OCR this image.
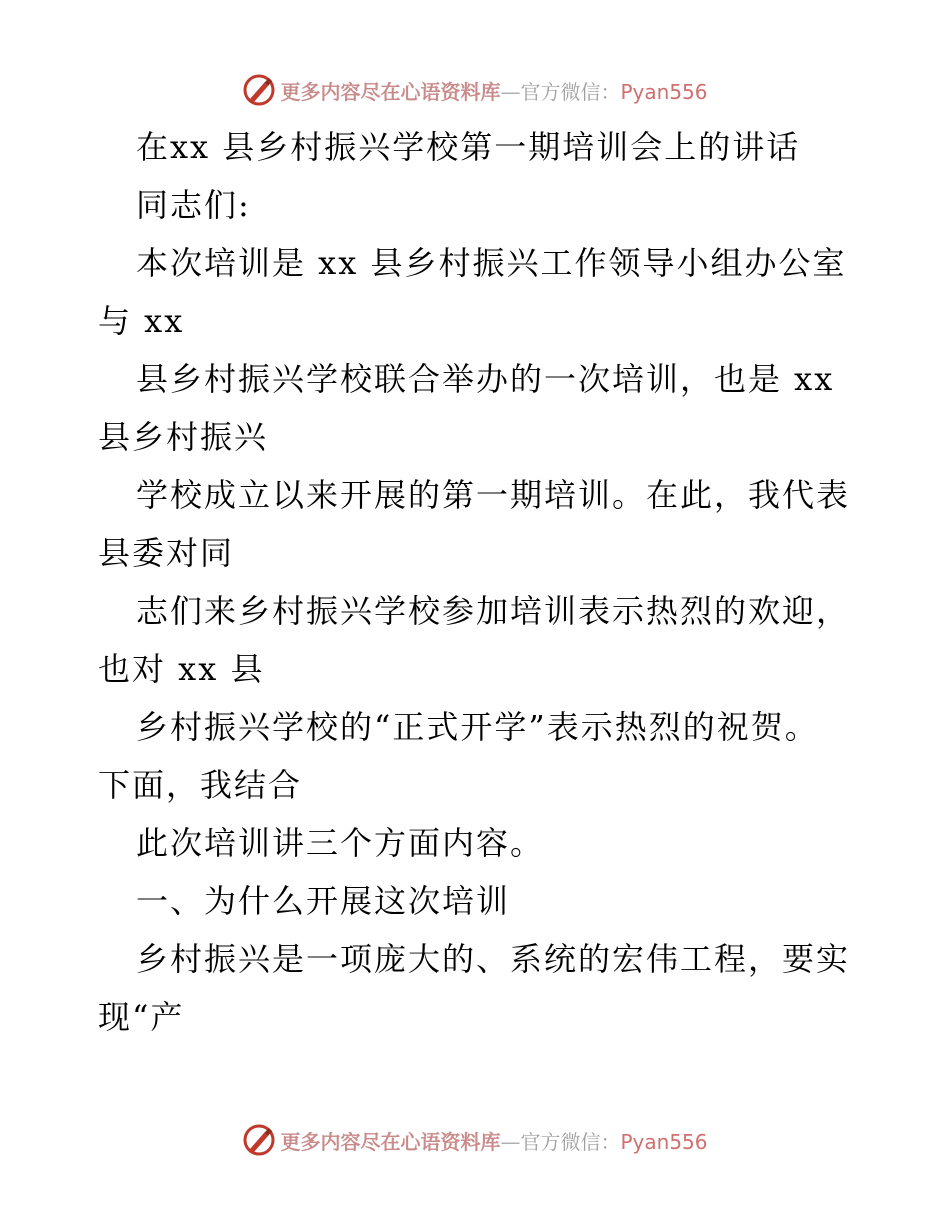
更多内容尽在心语资料库—官方微信：Pyan556
在xx 县乡村振兴学校第一期培训会上的讲话
同志们:
本次培训是 xx 县乡村振兴工作领导小组办公室
与 xx
县乡村振兴学校联合举办的一次培训，也是 xx
县乡村振兴
学校成立以来开展的第一期培训。在此，我代表
县委对同
志们来乡村振兴学校参加培训表示热烈的欢迎，
也对 xx 县
乡村振兴学校的“正式开学”表示热烈的祝贺。
下面，我结合
此次培训讲三个方面内容。
一、为什么开展这次培训
乡村振兴是一项庞大的、系统的宏伟工程，要实
现“产
更多内容尽在心语资料库—官方微信：Pyan556
